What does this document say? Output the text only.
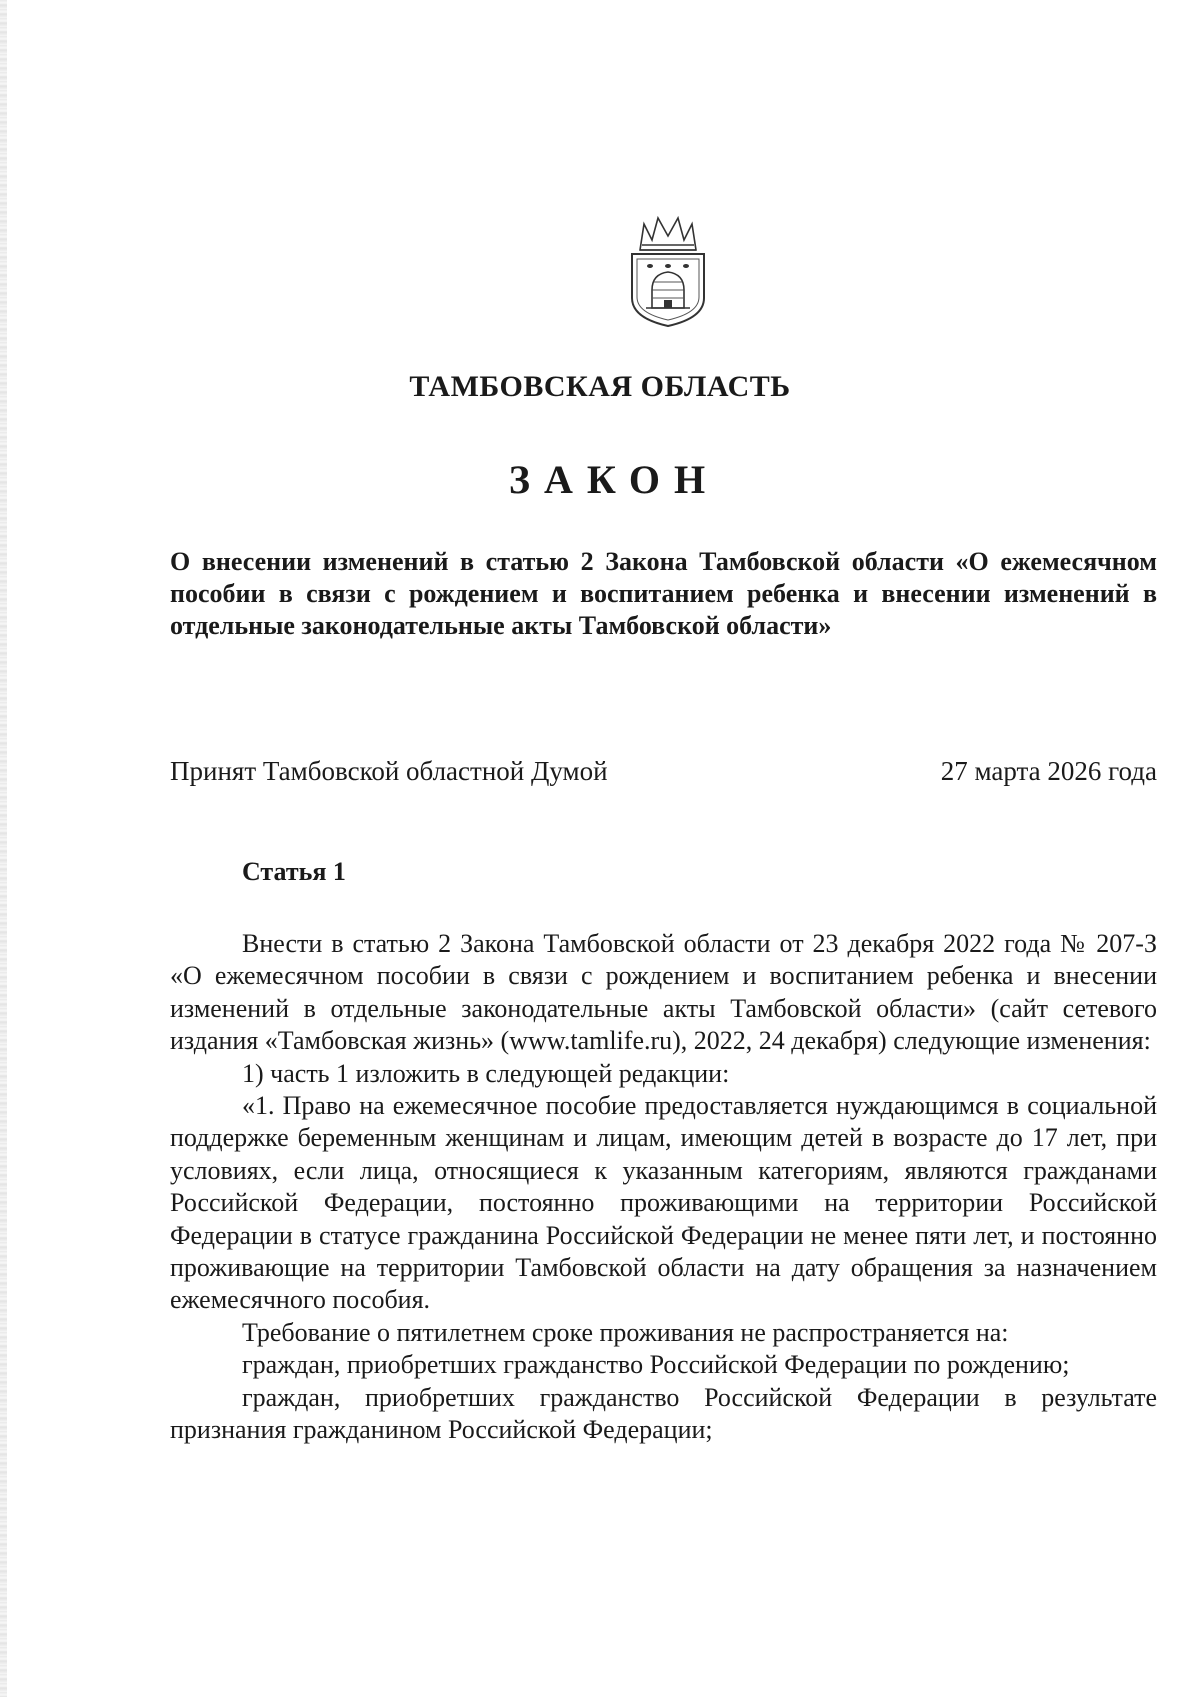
ТАМБОВСКАЯ ОБЛАСТЬ
ЗАКОН

О внесении изменений в статью 2 Закона Тамбовской области «О ежемесячном пособии в связи с рождением и воспитанием ребенка и внесении изменений в отдельные законодательные акты Тамбовской области»

Принят Тамбовской областной Думой	27 марта 2026 года
Статья 1

Внести в статью 2 Закона Тамбовской области от 23 декабря 2022 года № 207-З «О ежемесячном пособии в связи с рождением и воспитанием ребенка и внесении изменений в отдельные законодательные акты Тамбовской области» (сайт сетевого издания «Тамбовская жизнь» (www.tamlife.ru), 2022, 24 декабря) следующие изменения:

1) часть 1 изложить в следующей редакции:

«1. Право на ежемесячное пособие предоставляется нуждающимся в социальной поддержке беременным женщинам и лицам, имеющим детей в возрасте до 17 лет, при условиях, если лица, относящиеся к указанным категориям, являются гражданами Российской Федерации, постоянно проживающими на территории Российской Федерации в статусе гражданина Российской Федерации не менее пяти лет, и постоянно проживающие на территории Тамбовской области на дату обращения за назначением ежемесячного пособия.

Требование о пятилетнем сроке проживания не распространяется на:

граждан, приобретших гражданство Российской Федерации по рождению;

граждан, приобретших гражданство Российской Федерации в результате признания гражданином Российской Федерации;
